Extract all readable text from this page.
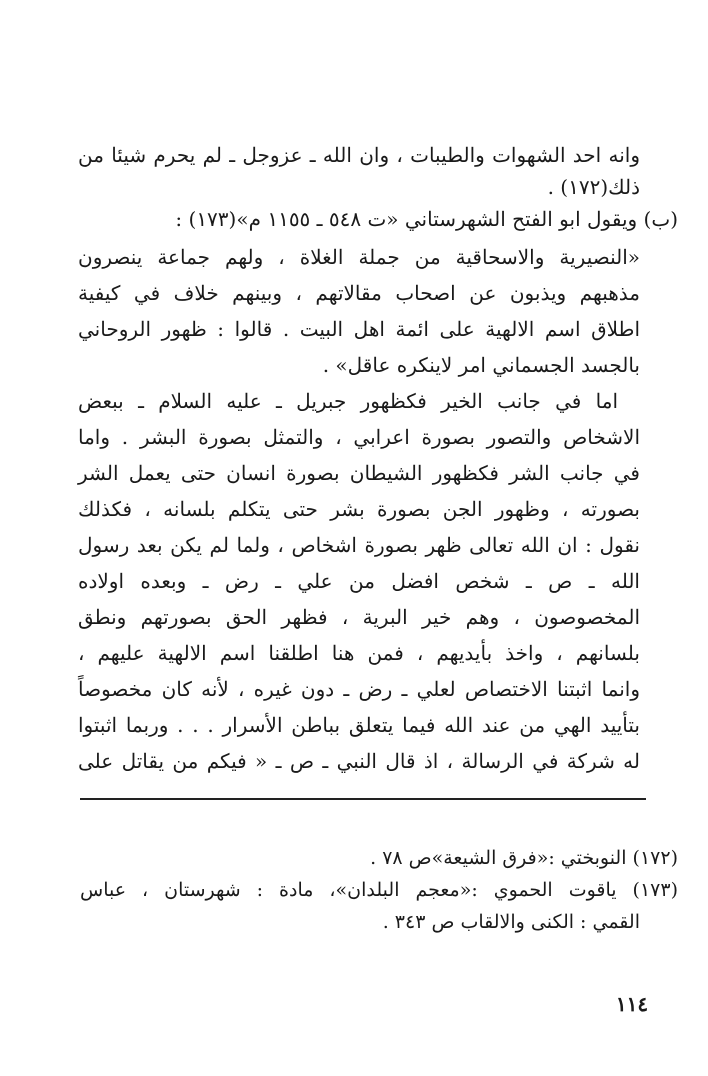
وانه احد الشهوات والطيبات ، وان الله ـ عزوجل ـ لم يحرم شيئا من
ذلك(١٧٢) .
(ب) ويقول ابو الفتح الشهرستاني «ت ٥٤٨ ـ ١١٥٥ م»(١٧٣) :
«النصيرية والاسحاقية من جملة الغلاة ، ولهم جماعة ينصرون
مذهبهم ويذبون عن اصحاب مقالاتهم ، وبينهم خلاف في كيفية
اطلاق اسم الالهية على ائمة اهل البيت . قالوا : ظهور الروحاني
بالجسد الجسماني امر لاينكره عاقل» .
اما في جانب الخير فكظهور جبريل ـ عليه السلام ـ ببعض
الاشخاص والتصور بصورة اعرابي ، والتمثل بصورة البشر . واما
في جانب الشر فكظهور الشيطان بصورة انسان حتى يعمل الشر
بصورته ، وظهور الجن بصورة بشر حتى يتكلم بلسانه ، فكذلك
نقول : ان الله تعالى ظهر بصورة اشخاص ، ولما لم يكن بعد رسول
الله ـ ص ـ شخص افضل من علي ـ رض ـ وبعده اولاده
المخصوصون ، وهم خير البرية ، فظهر الحق بصورتهم ونطق
بلسانهم ، واخذ بأيديهم ، فمن هنا اطلقنا اسم الالهية عليهم ،
وانما اثبتنا الاختصاص لعلي ـ رض ـ دون غيره ، لأنه كان مخصوصاً
بتأييد الهي من عند الله فيما يتعلق بباطن الأسرار . . . وربما اثبتوا
له شركة في الرسالة ، اذ قال النبي ـ ص ـ « فيكم من يقاتل على
(١٧٢) النوبختي :«فرق الشيعة»ص ٧٨ .
(١٧٣) ياقوت الحموي :«معجم البلدان»، مادة : شهرستان ، عباس
القمي : الكنى والالقاب ص ٣٤٣ .
١١٤
